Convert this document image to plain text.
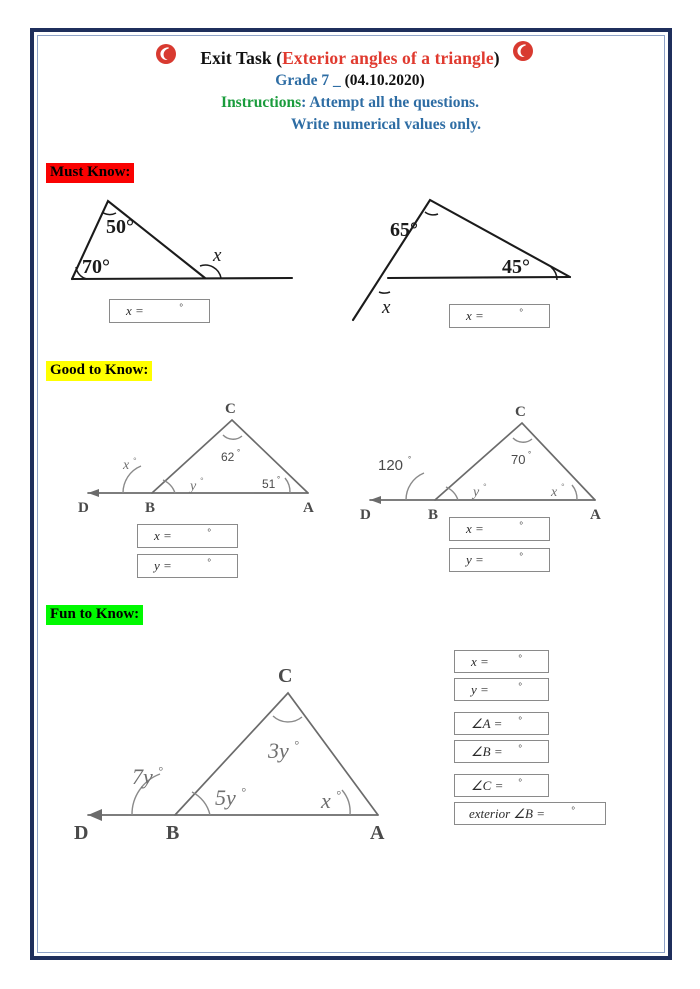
Exit Task (Exterior angles of a triangle)
Grade 7 _ (04.10.2020)
Instructions: Attempt all the questions.
Write numerical values only.
Must Know:
50°
70°
x
x =	°
65°
45°
x	x =	°
Good to Know:
C
B	A
D
62 °
51 °
x °
y °
x =	°
y =	°
C
B	A
D
70 °
120 °
y °	x °
x =	°
y =	°
Fun to Know:
C
B	A
D
3y °
7y °
5y °	x °
x =	°
y =	°
∠A = °
∠B = °
∠C = °
exterior ∠B =	°
